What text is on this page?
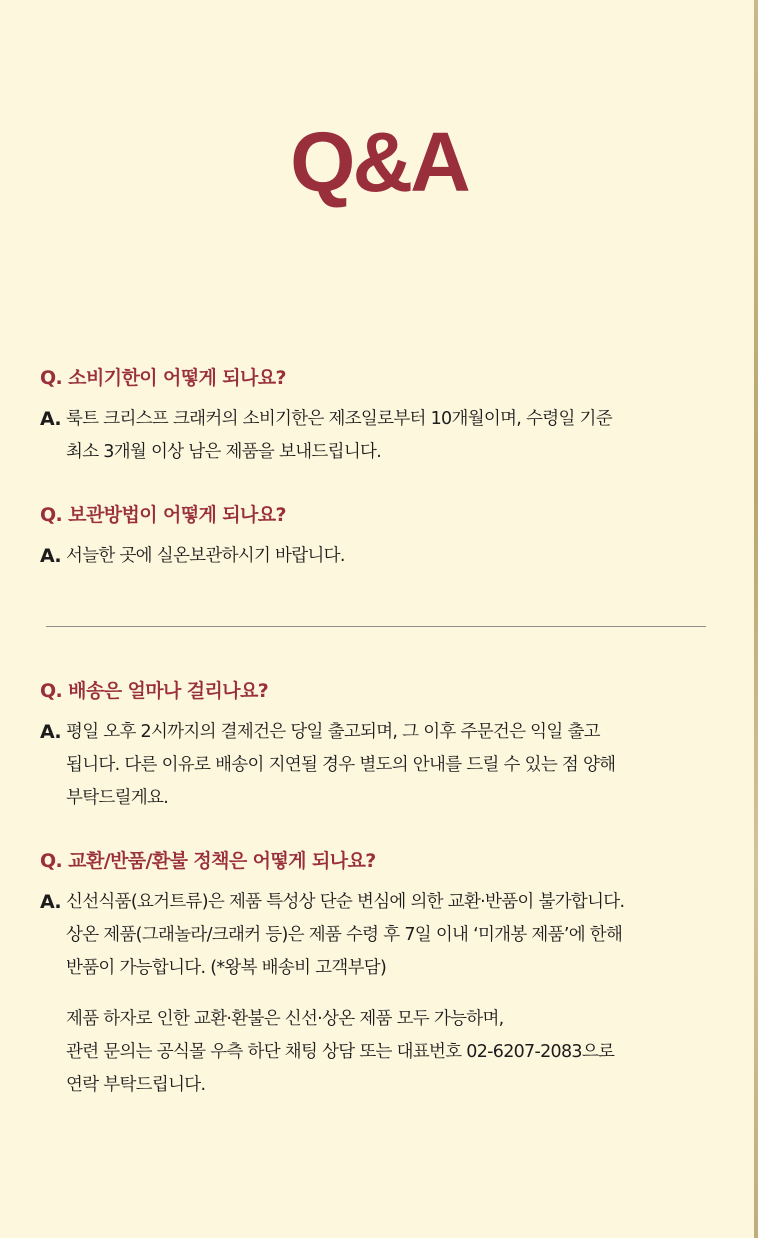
Q&A
Q. 소비기한이 어떻게 되나요?
A. 룩트 크리스프 크래커의 소비기한은 제조일로부터 10개월이며, 수령일 기준
최소 3개월 이상 남은 제품을 보내드립니다.
Q. 보관방법이 어떻게 되나요?
A. 서늘한 곳에 실온보관하시기 바랍니다.
Q. 배송은 얼마나 걸리나요?
A. 평일 오후 2시까지의 결제건은 당일 출고되며, 그 이후 주문건은 익일 출고
됩니다. 다른 이유로 배송이 지연될 경우 별도의 안내를 드릴 수 있는 점 양해
부탁드릴게요.
Q. 교환/반품/환불 정책은 어떻게 되나요?
A. 신선식품(요거트류)은 제품 특성상 단순 변심에 의한 교환·반품이 불가합니다.
상온 제품(그래놀라/크래커 등)은 제품 수령 후 7일 이내 ‘미개봉 제품’에 한해
반품이 가능합니다. (*왕복 배송비 고객부담)
제품 하자로 인한 교환·환불은 신선·상온 제품 모두 가능하며,
관련 문의는 공식몰 우측 하단 채팅 상담 또는 대표번호 02-6207-2083으로
연락 부탁드립니다.
